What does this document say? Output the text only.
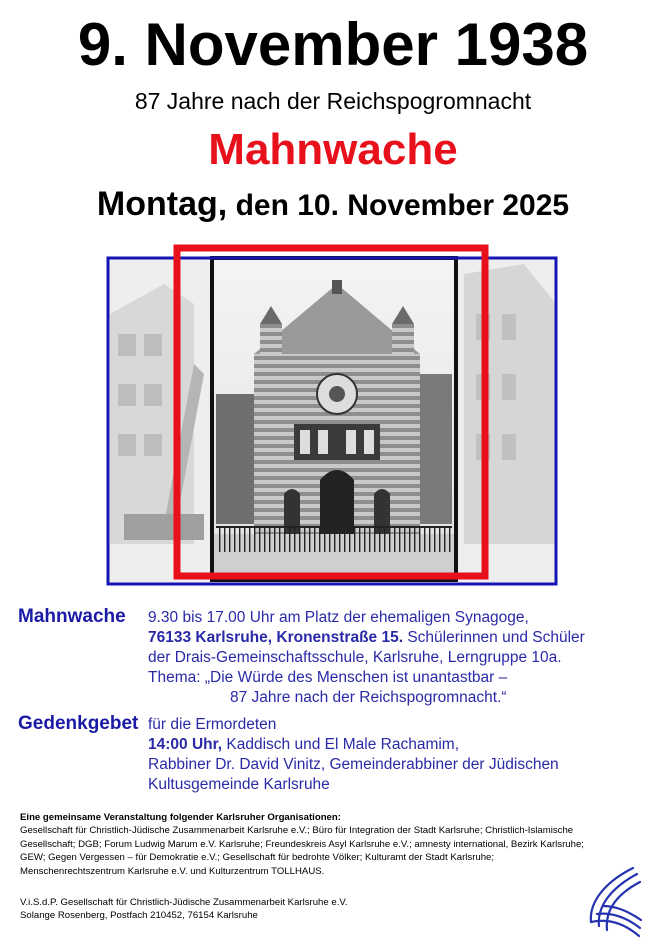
9. November 1938
87 Jahre nach der Reichspogromnacht
Mahnwache
Montag, den 10. November 2025
Mahnwache 9.30 bis 17.00 Uhr am Platz der ehemaligen Synagoge,
76133 Karlsruhe, Kronenstraße 15. Schülerinnen und Schüler
der Drais-Gemeinschaftsschule, Karlsruhe, Lerngruppe 10a.
Thema: „Die Würde des Menschen ist unantastbar –
87 Jahre nach der Reichspogromnacht.“
Gedenkgebet für die Ermordeten
14:00 Uhr, Kaddisch und El Male Rachamim,
Rabbiner Dr. David Vinitz, Gemeinderabbiner der Jüdischen
Kultusgemeinde Karlsruhe
Eine gemeinsame Veranstaltung folgender Karlsruher Organisationen:
Gesellschaft für Christlich-Jüdische Zusammenarbeit Karlsruhe e.V.; Büro für Integration der Stadt Karlsruhe; Christlich-Islamische
Gesellschaft; DGB; Forum Ludwig Marum e.V. Karlsruhe; Freundeskreis Asyl Karlsruhe e.V.; amnesty international, Bezirk Karlsruhe;
GEW; Gegen Vergessen – für Demokratie e.V.; Gesellschaft für bedrohte Völker; Kulturamt der Stadt Karlsruhe;
Menschenrechtszentrum Karlsruhe e.V. und Kulturzentrum TOLLHAUS.
V.i.S.d.P. Gesellschaft für Christlich-Jüdische Zusammenarbeit Karlsruhe e.V.
Solange Rosenberg, Postfach 210452, 76154 Karlsruhe
